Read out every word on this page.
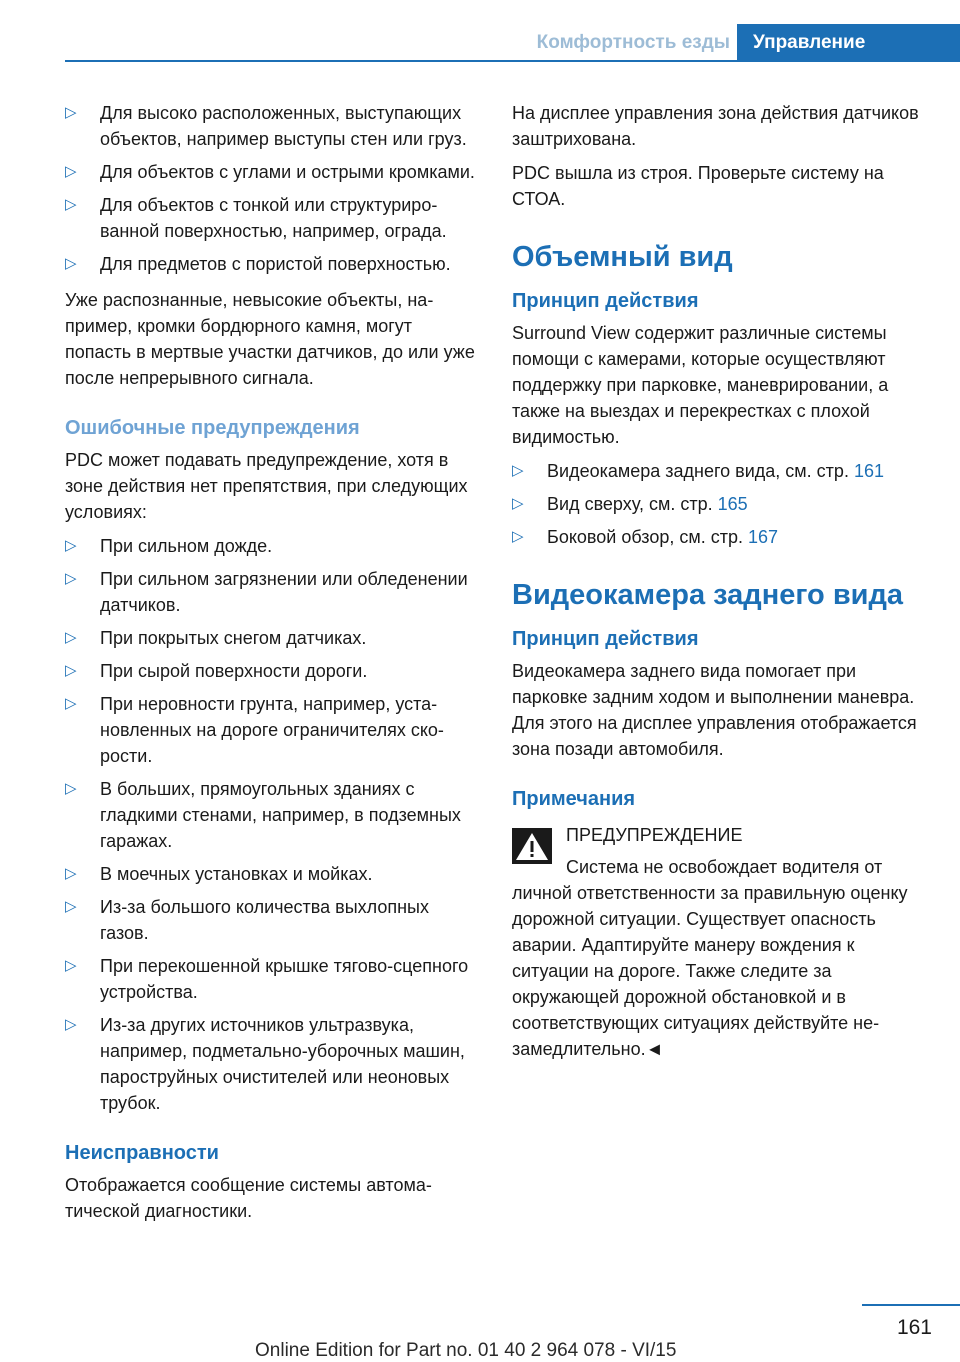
Комфортность езды	Управление
▷ Для высоко расположенных, выступающих объектов, например выступы стен или груз.
▷ Для объектов с углами и острыми кромками.
▷ Для объектов с тонкой или структурированной поверхностью, например, ограда.
▷ Для предметов с пористой поверхностью.

Уже распознанные, невысокие объекты, например, кромки бордюрного камня, могут попасть в мертвые участки датчиков, до или уже после непрерывного сигнала.

Ошибочные предупреждения

PDC может подавать предупреждение, хотя в зоне действия нет препятствия, при следующих условиях:

▷ При сильном дожде.
▷ При сильном загрязнении или обледенении датчиков.
▷ При покрытых снегом датчиках.
▷ При сырой поверхности дороги.
▷ При неровности грунта, например, установленных на дороге ограничителях скорости.
▷ В больших, прямоугольных зданиях с гладкими стенами, например, в подземных гаражах.
▷ В моечных установках и мойках.
▷ Из-за большого количества выхлопных газов.
▷ При перекошенной крышке тягово-сцепного устройства.
▷ Из-за других источников ультразвука, например, подметально-уборочных машин, пароструйных очистителей или неоновых трубок.
Неисправности

Отображается сообщение системы автоматической диагностики.

На дисплее управления зона действия датчиков заштрихована.

PDC вышла из строя. Проверьте систему на СТОА.

Объемный вид
Принцип действия

Surround View содержит различные системы помощи с камерами, которые осуществляют поддержку при парковке, маневрировании, а также на выездах и перекрестках с плохой видимостью.

▷ Видеокамера заднего вида, см. стр. 161
▷ Вид сверху, см. стр. 165
▷ Боковой обзор, см. стр. 167
Видеокамера заднего вида
Принцип действия

Видеокамера заднего вида помогает при парковке задним ходом и выполнении маневра. Для этого на дисплее управления отображается зона позади автомобиля.

Примечания

ПРЕДУПРЕЖДЕНИЕ

Система не освобождает водителя от личной ответственности за правильную оценку дорожной ситуации. Существует опасность аварии. Адаптируйте манеру вождения к ситуации на дороге. Также следите за окружающей дорожной обстановкой и в соответствующих ситуациях действуйте незамедлительно.◄

161
Online Edition for Part no. 01 40 2 964 078 - VI/15
